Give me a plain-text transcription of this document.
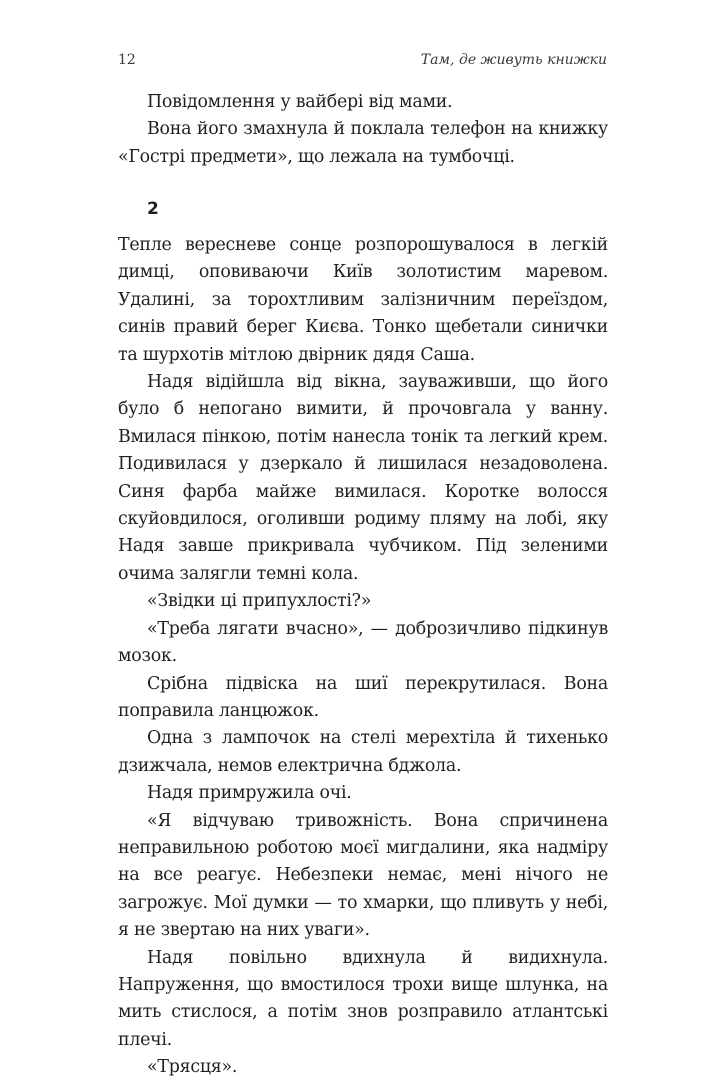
12	Там, де живуть книжки

Повідомлення у вайбері від мами.

Вона його змахнула й поклала телефон на книжку «Гострі предмети», що лежала на тумбочці.

2

Тепле вересневе сонце розпорошувалося в легкій димці, оповиваючи Київ золотистим маревом. Удалині, за торохтливим залізничним переїздом, синів правий берег Києва. Тонко щебетали синички та шурхотів мітлою двірник дядя Саша.

Надя відійшла від вікна, зауваживши, що його було б непогано вимити, й прочовгала у ванну. Вмилася пінкою, потім нанесла тонік та легкий крем. Подивилася у дзеркало й лишилася незадоволена. Синя фарба майже вимилася. Коротке волосся скуйовдилося, оголивши родиму пляму на лобі, яку Надя завше прикривала чубчиком. Під зеленими очима залягли темні кола.

«Звідки ці припухлості?»

«Треба лягати вчасно», — доброзичливо підкинув мозок.

Срібна підвіска на шиї перекрутилася. Вона поправила ланцюжок.

Одна з лампочок на стелі мерехтіла й тихенько дзижчала, немов електрична бджола.

Надя примружила очі.

«Я відчуваю тривожність. Вона спричинена неправильною роботою моєї мигдалини, яка надміру на все реагує. Небезпеки немає, мені нічого не загрожує. Мої думки — то хмарки, що пливуть у небі, я не звертаю на них уваги».

Надя повільно вдихнула й видихнула. Напруження, що вмостилося трохи вище шлунка, на мить стислося, а потім знов розправило атлантські плечі.

«Трясця».
